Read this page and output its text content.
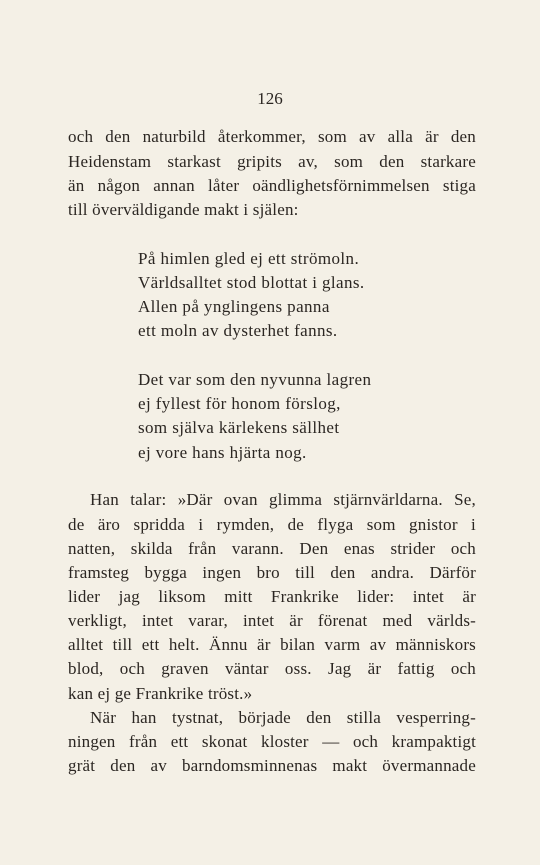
126
och den naturbild återkommer, som av alla är den
Heidenstam starkast gripits av, som den starkare
än någon annan låter oändlighetsförnimmelsen stiga
till överväldigande makt i själen:
På himlen gled ej ett strömoln.
Världsalltet stod blottat i glans.
Allen på ynglingens panna
ett moln av dysterhet fanns.
Det var som den nyvunna lagren
ej fyllest för honom förslog,
som själva kärlekens sällhet
ej vore hans hjärta nog.
Han talar: »Där ovan glimma stjärnvärldarna. Se,
de äro spridda i rymden, de flyga som gnistor i
natten, skilda från varann. Den enas strider och
framsteg bygga ingen bro till den andra. Därför
lider jag liksom mitt Frankrike lider: intet är
verkligt, intet varar, intet är förenat med världs-
alltet till ett helt. Ännu är bilan varm av människors
blod, och graven väntar oss. Jag är fattig och
kan ej ge Frankrike tröst.»
När han tystnat, började den stilla vesperring-
ningen från ett skonat kloster — och krampaktigt
grät den av barndomsminnenas makt övermannade
